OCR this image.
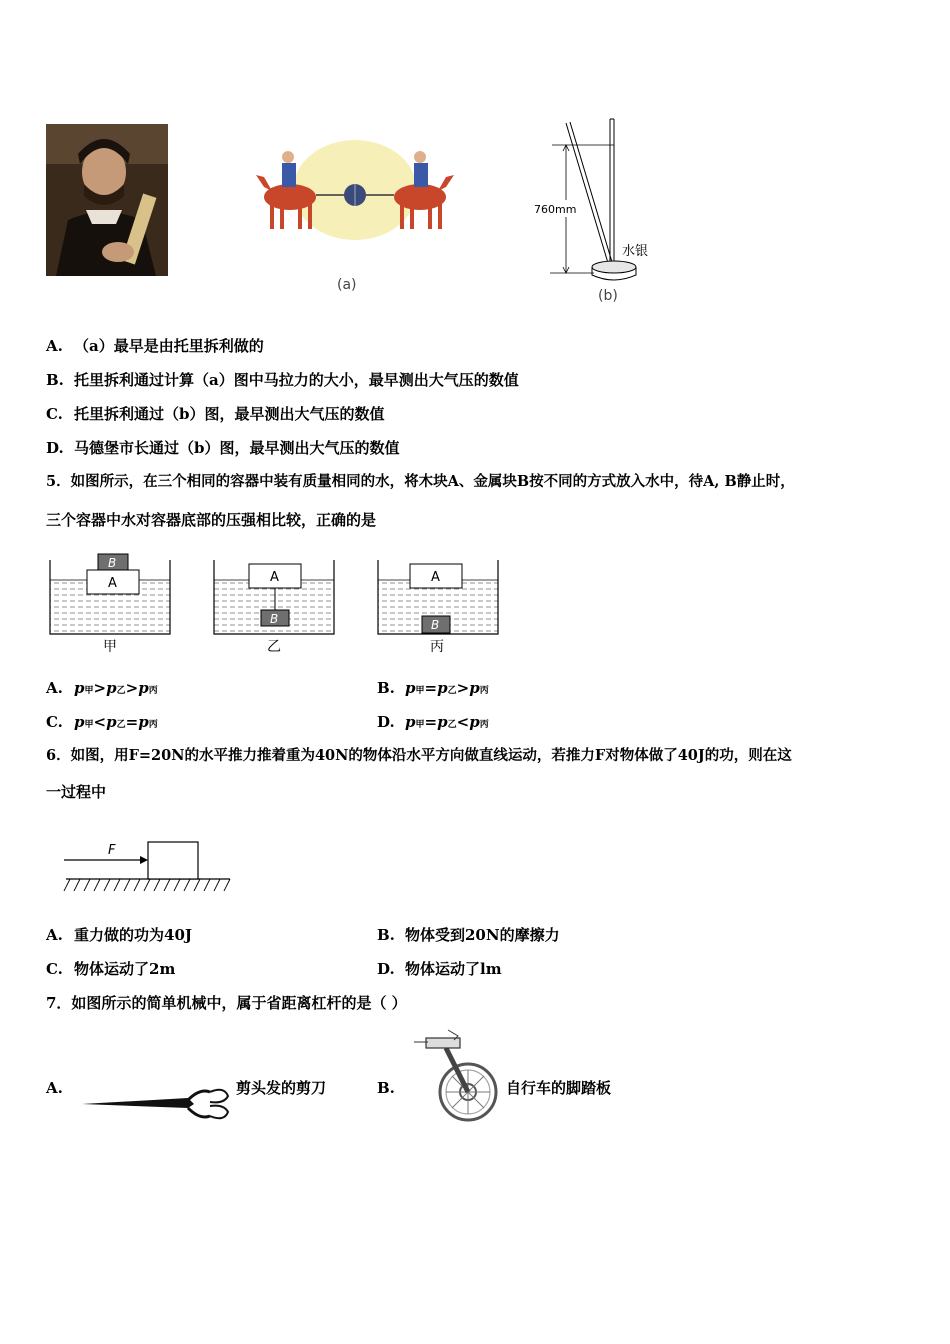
(a)
760mm
水银
(b)
A. （a）最早是由托里拆利做的
B. 托里拆利通过计算（a）图中马拉力的大小，最早测出大气压的数值
C. 托里拆利通过（b）图，最早测出大气压的数值
D. 马德堡市长通过（b）图，最早测出大气压的数值
5．如图所示，在三个相同的容器中装有质量相同的水，将木块A、金属块B按不同的方式放入水中，待A, B静止时，
三个容器中水对容器底部的压强相比较，正确的是
A
B
甲
A
B
乙
A
B
丙
A. p甲>p乙>p丙	B. p甲=p乙>p丙
C. p甲<p乙=p丙	D. p甲=p乙<p丙
6．如图，用F=20N的水平推力推着重为40N的物体沿水平方向做直线运动，若推力F对物体做了40J的功，则在这
一过程中
F
A. 重力做的功为40J	B. 物体受到20N的摩擦力
C. 物体运动了2m	D. 物体运动了lm
7．如图所示的简单机械中，属于省距离杠杆的是（ ）
A.	剪头发的剪刀	B.	自行车的脚踏板
